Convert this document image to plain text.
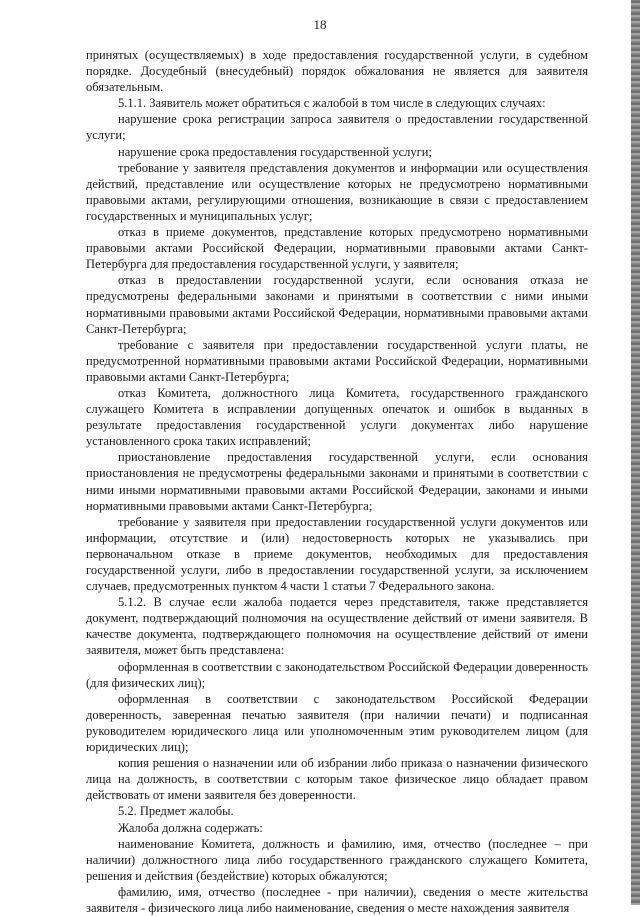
18

принятых (осуществляемых) в ходе предоставления государственной услуги, в судебном порядке. Досудебный (внесудебный) порядок обжалования не является для заявителя обязательным.

5.1.1. Заявитель может обратиться с жалобой в том числе в следующих случаях:

нарушение срока регистрации запроса заявителя о предоставлении государственной услуги;

нарушение срока предоставления государственной услуги;

требование у заявителя представления документов и информации или осуществления действий, представление или осуществление которых не предусмотрено нормативными правовыми актами, регулирующими отношения, возникающие в связи с предоставлением государственных и муниципальных услуг;

отказ в приеме документов, представление которых предусмотрено нормативными правовыми актами Российской Федерации, нормативными правовыми актами Санкт-Петербурга для предоставления государственной услуги, у заявителя;

отказ в предоставлении государственной услуги, если основания отказа не предусмотрены федеральными законами и принятыми в соответствии с ними иными нормативными правовыми актами Российской Федерации, нормативными правовыми актами Санкт-Петербурга;

требование с заявителя при предоставлении государственной услуги платы, не предусмотренной нормативными правовыми актами Российской Федерации, нормативными правовыми актами Санкт-Петербурга;

отказ Комитета, должностного лица Комитета, государственного гражданского служащего Комитета в исправлении допущенных опечаток и ошибок в выданных в результате предоставления государственной услуги документах либо нарушение установленного срока таких исправлений;

приостановление предоставления государственной услуги, если основания приостановления не предусмотрены федеральными законами и принятыми в соответствии с ними иными нормативными правовыми актами Российской Федерации, законами и иными нормативными правовыми актами Санкт-Петербурга;

требование у заявителя при предоставлении государственной услуги документов или информации, отсутствие и (или) недостоверность которых не указывались при первоначальном отказе в приеме документов, необходимых для предоставления государственной услуги, либо в предоставлении государственной услуги, за исключением случаев, предусмотренных пунктом 4 части 1 статьи 7 Федерального закона.

5.1.2. В случае если жалоба подается через представителя, также представляется документ, подтверждающий полномочия на осуществление действий от имени заявителя. В качестве документа, подтверждающего полномочия на осуществление действий от имени заявителя, может быть представлена:

оформленная в соответствии с законодательством Российской Федерации доверенность (для физических лиц);

оформленная в соответствии с законодательством Российской Федерации доверенность, заверенная печатью заявителя (при наличии печати) и подписанная руководителем юридического лица или уполномоченным этим руководителем лицом (для юридических лиц);

копия решения о назначении или об избрании либо приказа о назначении физического лица на должность, в соответствии с которым такое физическое лицо обладает правом действовать от имени заявителя без доверенности.

5.2. Предмет жалобы.

Жалоба должна содержать:

наименование Комитета, должность и фамилию, имя, отчество (последнее – при наличии) должностного лица либо государственного гражданского служащего Комитета, решения и действия (бездействие) которых обжалуются;

фамилию, имя, отчество (последнее - при наличии), сведения о месте жительства заявителя - физического лица либо наименование, сведения о месте нахождения заявителя
